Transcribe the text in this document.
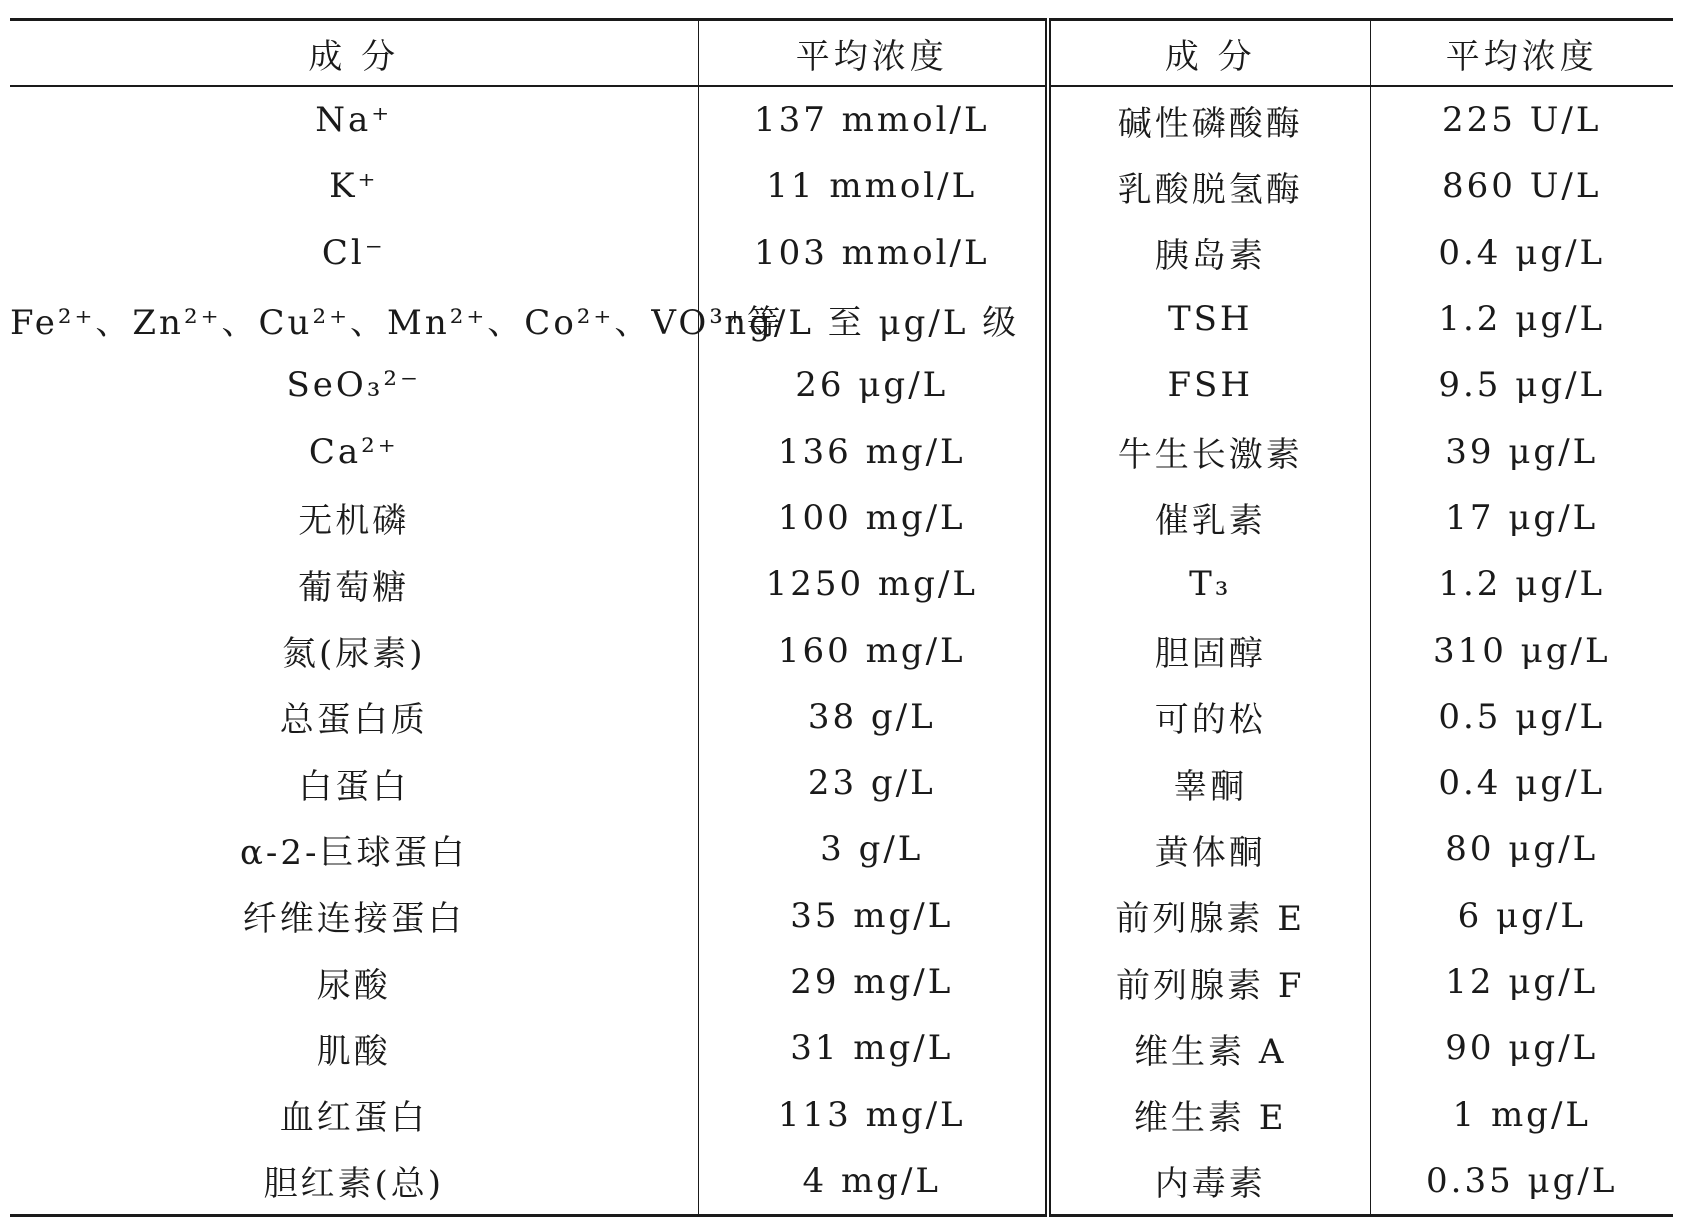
成 分	平均浓度	成 分	平均浓度
Na⁺	137 mmol/L	碱性磷酸酶	225 U/L
K⁺	11 mmol/L	乳酸脱氢酶	860 U/L
Cl⁻	103 mmol/L	胰岛素	0.4 μg/L
Fe²⁺、Zn²⁺、Cu²⁺、Mn²⁺、Co²⁺、VO³⁺等	ng/L 至 μg/L 级	TSH	1.2 μg/L
SeO₃²⁻	26 μg/L	FSH	9.5 μg/L
Ca²⁺	136 mg/L	牛生长激素	39 μg/L
无机磷	100 mg/L	催乳素	17 μg/L
葡萄糖	1250 mg/L	T₃	1.2 μg/L
氮(尿素)	160 mg/L	胆固醇	310 μg/L
总蛋白质	38 g/L	可的松	0.5 μg/L
白蛋白	23 g/L	睾酮	0.4 μg/L
α-2-巨球蛋白	3 g/L	黄体酮	80 μg/L
纤维连接蛋白	35 mg/L	前列腺素 E	6 μg/L
尿酸	29 mg/L	前列腺素 F	12 μg/L
肌酸	31 mg/L	维生素 A	90 μg/L
血红蛋白	113 mg/L	维生素 E	1 mg/L
胆红素(总)	4 mg/L	内毒素	0.35 μg/L
